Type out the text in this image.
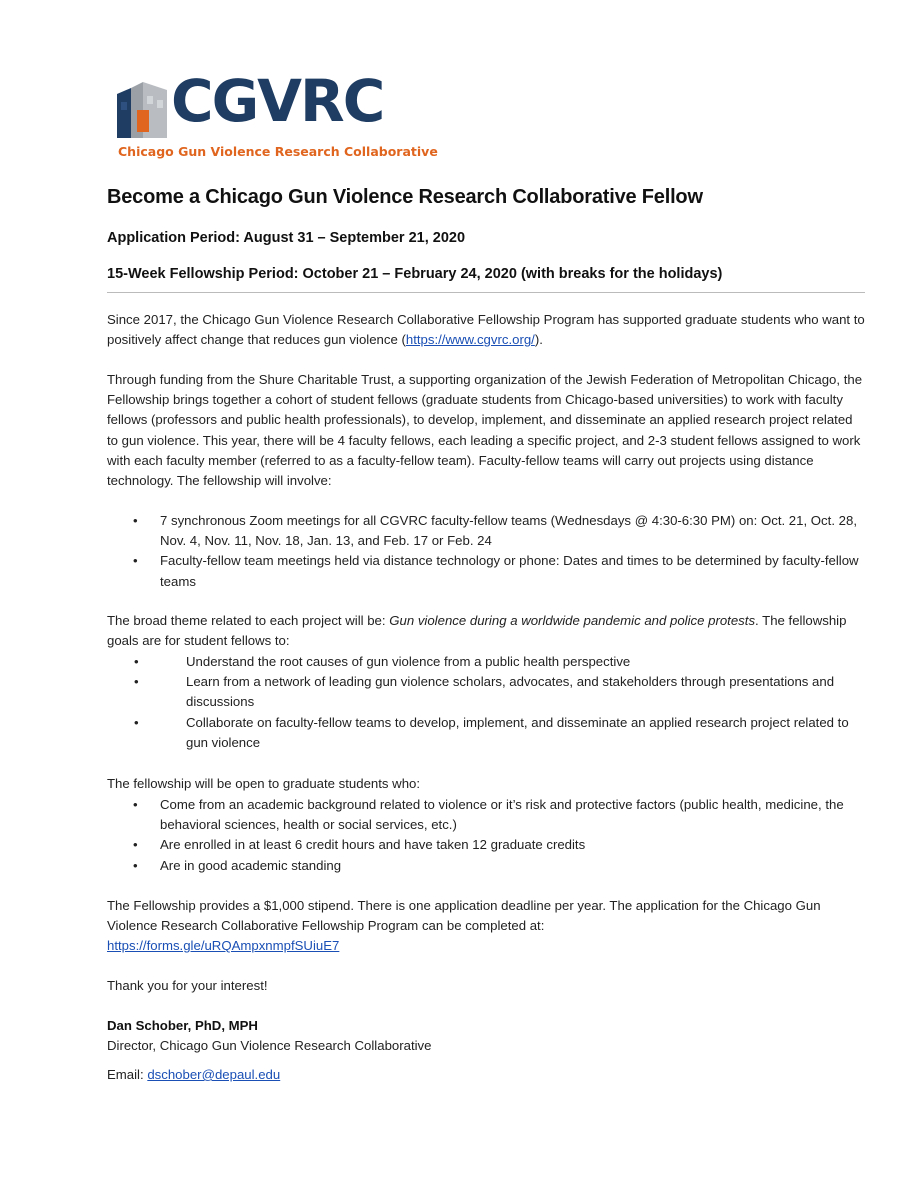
CGVRC
Chicago Gun Violence Research Collaborative
Become a Chicago Gun Violence Research Collaborative Fellow
Application Period: August 31 – September 21, 2020
15-Week Fellowship Period: October 21 – February 24, 2020 (with breaks for the holidays)
Since 2017, the Chicago Gun Violence Research Collaborative Fellowship Program has supported graduate students who want to positively affect change that reduces gun violence (https://www.cgvrc.org/).
Through funding from the Shure Charitable Trust, a supporting organization of the Jewish Federation of Metropolitan Chicago, the Fellowship brings together a cohort of student fellows (graduate students from Chicago-based universities) to work with faculty fellows (professors and public health professionals), to develop, implement, and disseminate an applied research project related to gun violence. This year, there will be 4 faculty fellows, each leading a specific project, and 2-3 student fellows assigned to work with each faculty member (referred to as a faculty-fellow team). Faculty-fellow teams will carry out projects using distance technology. The fellowship will involve:
• 7 synchronous Zoom meetings for all CGVRC faculty-fellow teams (Wednesdays @ 4:30-6:30 PM) on: Oct. 21, Oct. 28, Nov. 4, Nov. 11, Nov. 18, Jan. 13, and Feb. 17 or Feb. 24
• Faculty-fellow team meetings held via distance technology or phone: Dates and times to be determined by faculty-fellow teams
The broad theme related to each project will be: Gun violence during a worldwide pandemic and police protests. The fellowship goals are for student fellows to:
•	Understand the root causes of gun violence from a public health perspective
•	Learn from a network of leading gun violence scholars, advocates, and stakeholders through presentations and discussions
•	Collaborate on faculty-fellow teams to develop, implement, and disseminate an applied research project related to gun violence
The fellowship will be open to graduate students who:
• Come from an academic background related to violence or it’s risk and protective factors (public health, medicine, the behavioral sciences, health or social services, etc.)
• Are enrolled in at least 6 credit hours and have taken 12 graduate credits
• Are in good academic standing
The Fellowship provides a $1,000 stipend. There is one application deadline per year. The application for the Chicago Gun Violence Research Collaborative Fellowship Program can be completed at:
https://forms.gle/uRQAmpxnmpfSUiuE7
Thank you for your interest!
Dan Schober, PhD, MPH
Director, Chicago Gun Violence Research Collaborative
Email: dschober@depaul.edu
